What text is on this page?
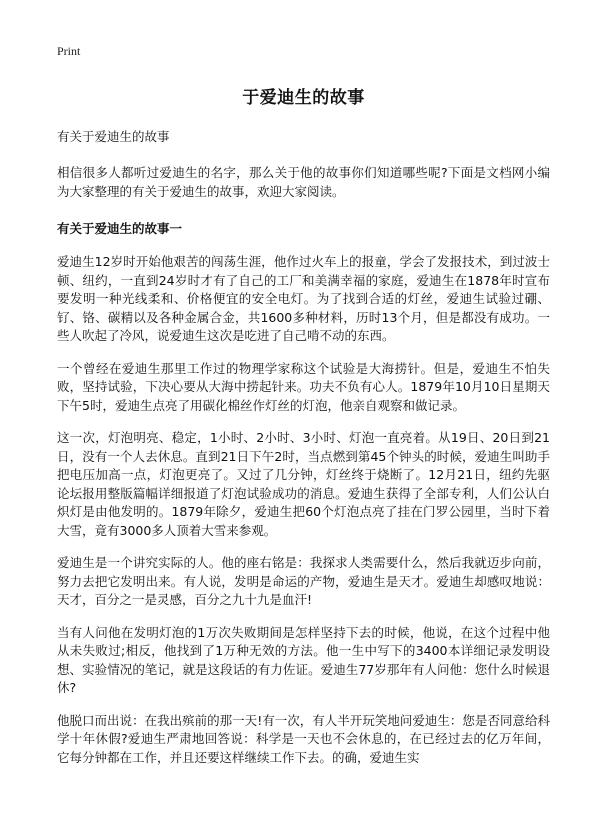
Print
于爱迪生的故事
有关于爱迪生的故事

相信很多人都听过爱迪生的名字，那么关于他的故事你们知道哪些呢?下面是文档网小编为大家整理的有关于爱迪生的故事，欢迎大家阅读。

有关于爱迪生的故事一

爱迪生12岁时开始他艰苦的闯荡生涯，他作过火车上的报童，学会了发报技术，到过波士顿、纽约，一直到24岁时才有了自己的工厂和美满幸福的家庭，爱迪生在1878年时宣布要发明一种光线柔和、价格便宜的安全电灯。为了找到合适的灯丝，爱迪生试验过硼、钌、铬、碳精以及各种金属合金，共1600多种材料，历时13个月，但是都没有成功。一些人吹起了冷风，说爱迪生这次是吃进了自己啃不动的东西。

一个曾经在爱迪生那里工作过的物理学家称这个试验是大海捞针。但是，爱迪生不怕失败，坚持试验，下决心要从大海中捞起针来。功夫不负有心人。1879年10月10日星期天下午5时，爱迪生点亮了用碳化棉丝作灯丝的灯泡，他亲自观察和做记录。

这一次，灯泡明亮、稳定，1小时、2小时、3小时、灯泡一直亮着。从19日、20日到21日，没有一个人去休息。直到21日下午2时，当点燃到第45个钟头的时候，爱迪生叫助手把电压加高一点，灯泡更亮了。又过了几分钟，灯丝终于烧断了。12月21日，纽约先驱论坛报用整版篇幅详细报道了灯泡试验成功的消息。爱迪生获得了全部专利，人们公认白炽灯是由他发明的。1879年除夕，爱迪生把60个灯泡点亮了挂在门罗公园里，当时下着大雪，竟有3000多人顶着大雪来参观。

爱迪生是一个讲究实际的人。他的座右铭是：我探求人类需要什么，然后我就迈步向前，努力去把它发明出来。有人说，发明是命运的产物，爱迪生是天才。爱迪生却感叹地说：天才，百分之一是灵感，百分之九十九是血汗!

当有人问他在发明灯泡的1万次失败期间是怎样坚持下去的时候，他说，在这个过程中他从未失败过;相反，他找到了1万种无效的方法。他一生中写下的3400本详细记录发明设想、实验情况的笔记，就是这段话的有力佐证。爱迪生77岁那年有人问他：您什么时候退休?

他脱口而出说：在我出殡前的那一天!有一次，有人半开玩笑地问爱迪生：您是否同意给科学十年休假?爱迪生严肃地回答说：科学是一天也不会休息的，在已经过去的亿万年间，它每分钟都在工作，并且还要这样继续工作下去。的确，爱迪生实
